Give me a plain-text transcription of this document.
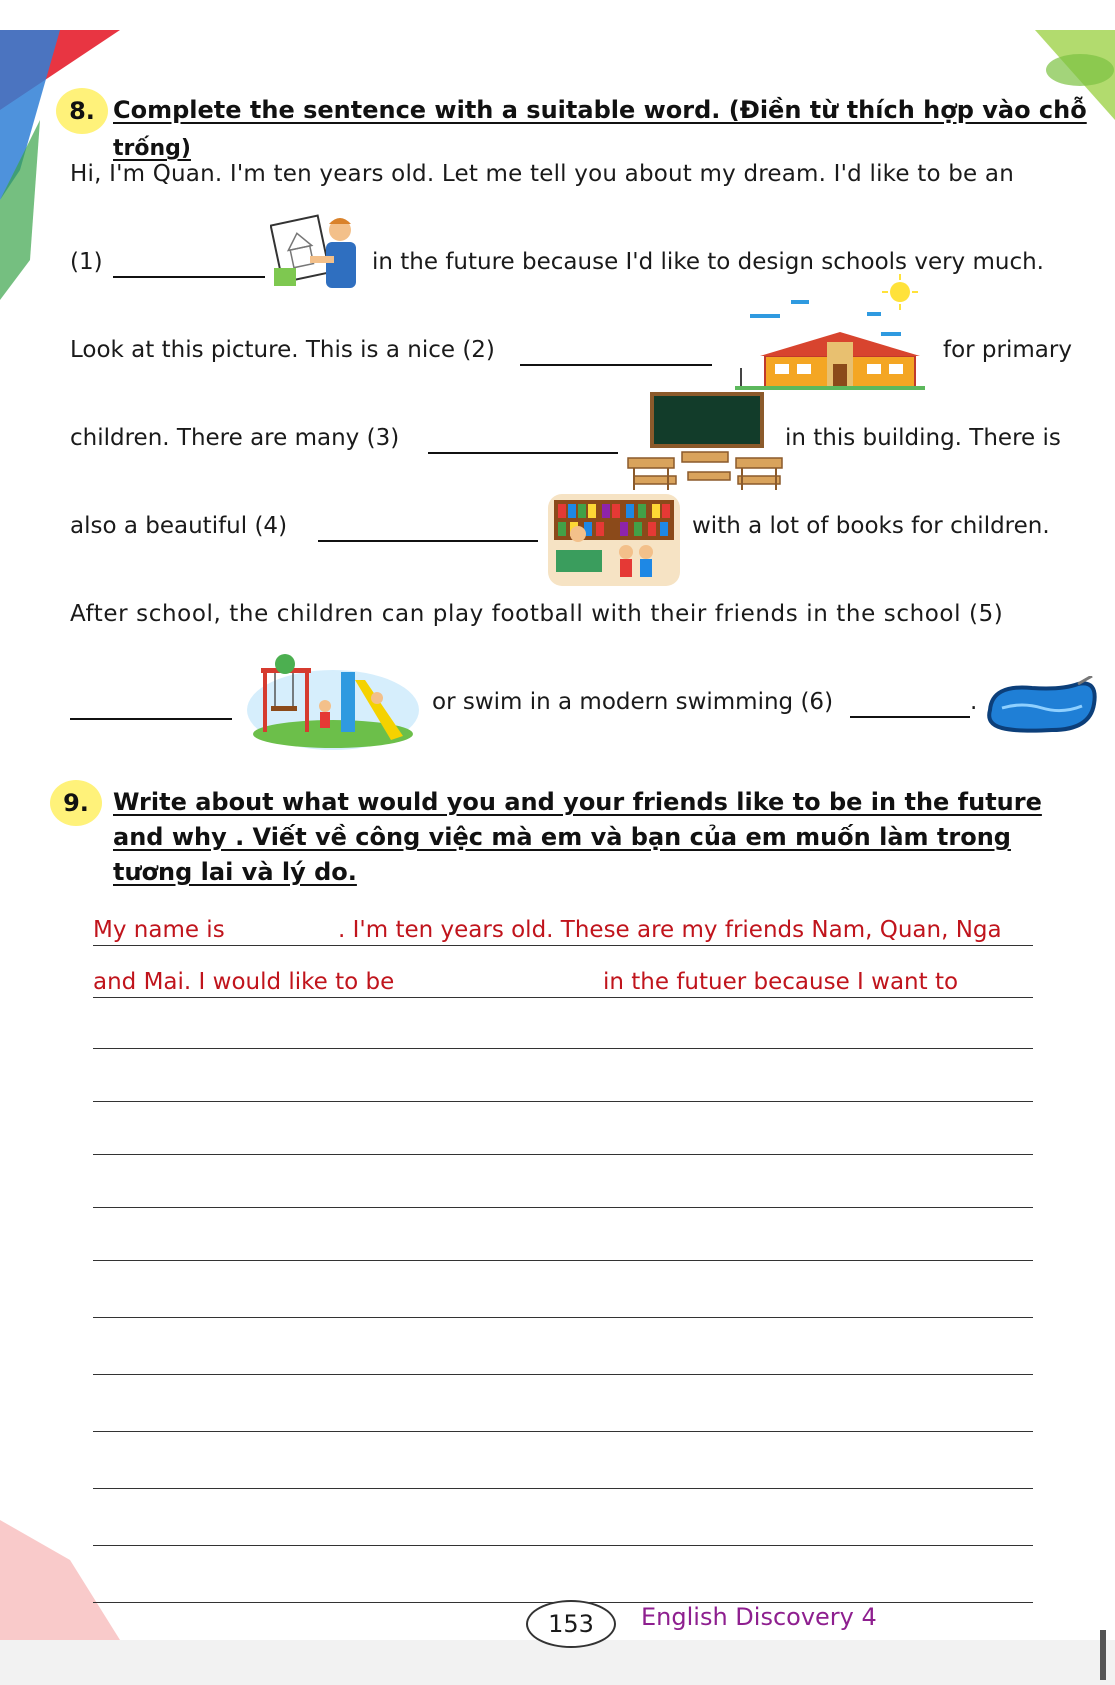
8. Complete the sentence with a suitable word. (Điền từ thích hợp vào chỗ
trống)
Hi, I'm Quan. I'm ten years old. Let me tell you about my dream. I'd like to be an
(1)	in the future because I'd like to design schools very much.
Look at this picture. This is a nice (2)	for primary
children. There are many (3)	in this building. There is
also a beautiful (4)	with a lot of books for children.
After school, the children can play football with their friends in the school (5)
or swim in a modern swimming (6)	.
9.	Write about what would you and your friends like to be in the future
and why . Viết về công việc mà em và bạn của em muốn làm trong
tương lai và lý do.
My name is	. I'm ten years old. These are my friends Nam, Quan, Nga
and Mai. I would like to be	in the futuer because I want to
153	English Discovery 4
